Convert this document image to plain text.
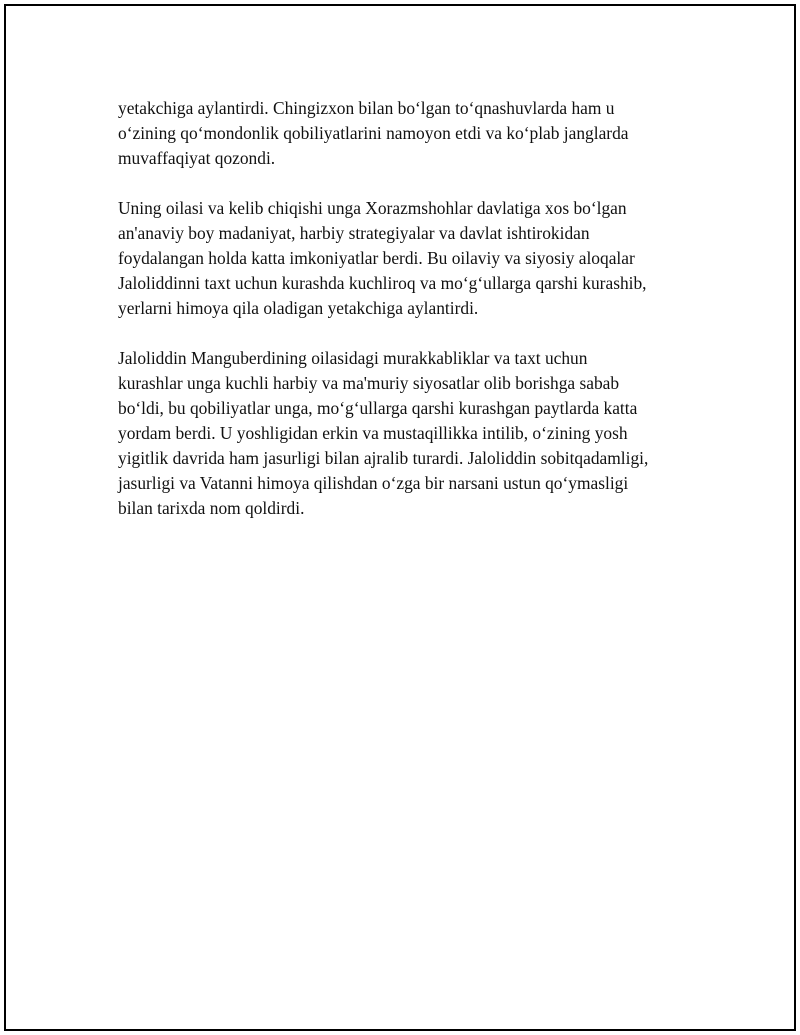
yetakchiga aylantirdi. Chingizxon bilan bo‘lgan to‘qnashuvlarda ham u
o‘zining qo‘mondonlik qobiliyatlarini namoyon etdi va ko‘plab janglarda
muvaffaqiyat qozondi.

Uning oilasi va kelib chiqishi unga Xorazmshohlar davlatiga xos bo‘lgan
an'anaviy boy madaniyat, harbiy strategiyalar va davlat ishtirokidan
foydalangan holda katta imkoniyatlar berdi. Bu oilaviy va siyosiy aloqalar
Jaloliddinni taxt uchun kurashda kuchliroq va mo‘g‘ullarga qarshi kurashib,
yerlarni himoya qila oladigan yetakchiga aylantirdi.

Jaloliddin Manguberdining oilasidagi murakkabliklar va taxt uchun
kurashlar unga kuchli harbiy va ma'muriy siyosatlar olib borishga sabab
bo‘ldi, bu qobiliyatlar unga, mo‘g‘ullarga qarshi kurashgan paytlarda katta
yordam berdi. U yoshligidan erkin va mustaqillikka intilib, o‘zining yosh
yigitlik davrida ham jasurligi bilan ajralib turardi. Jaloliddin sobitqadamligi,
jasurligi va Vatanni himoya qilishdan o‘zga bir narsani ustun qo‘ymasligi
bilan tarixda nom qoldirdi.
